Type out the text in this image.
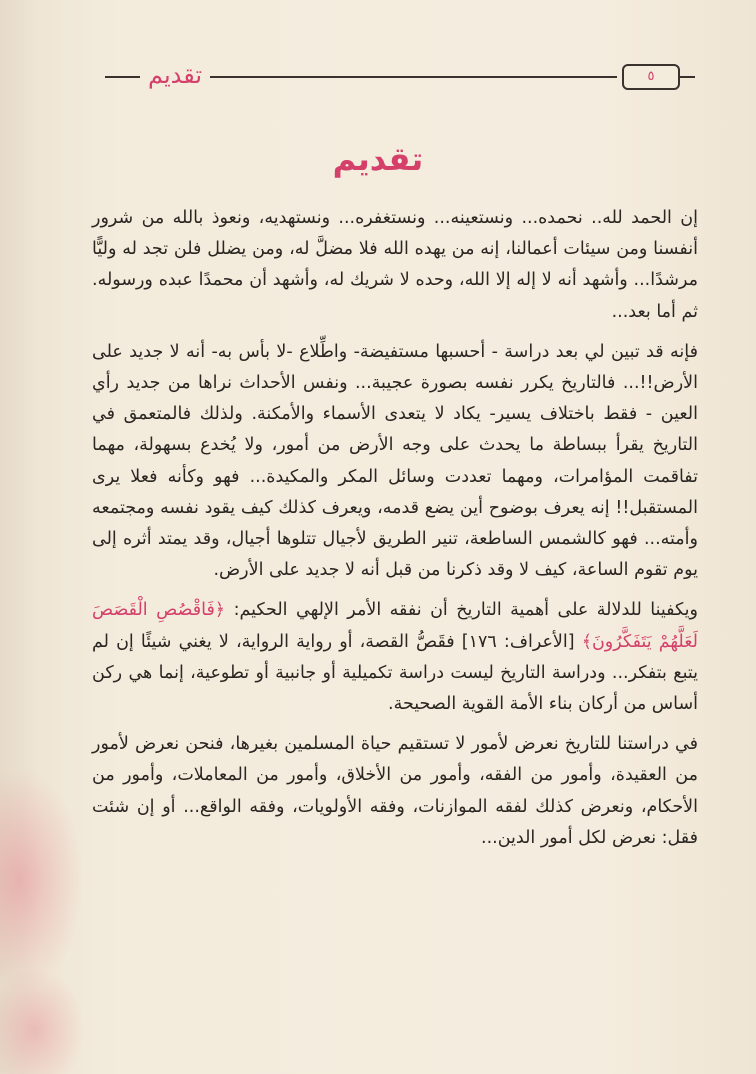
تقديم	٥
تقديم

إن الحمد لله.. نحمده... ونستعينه... ونستغفره... ونستهديه، ونعوذ بالله من شرور أنفسنا ومن سيئات أعمالنا، إنه من يهده الله فلا مضلَّ له، ومن يضلل فلن تجد له وليًّا مرشدًا... وأشهد أنه لا إله إلا الله، وحده لا شريك له، وأشهد أن محمدًا عبده ورسوله. ثم أما بعد...

فإنه قد تبين لي بعد دراسة - أحسبها مستفيضة- واطِّلاع -لا بأس به- أنه لا جديد على الأرض!!... فالتاريخ يكرر نفسه بصورة عجيبة... ونفس الأحداث نراها من جديد رأي العين - فقط باختلاف يسير- يكاد لا يتعدى الأسماء والأمكنة. ولذلك فالمتعمق في التاريخ يقرأ ببساطة ما يحدث على وجه الأرض من أمور، ولا يُخدع بسهولة، مهما تفاقمت المؤامرات، ومهما تعددت وسائل المكر والمكيدة... فهو وكأنه فعلا يرى المستقبل!! إنه يعرف بوضوح أين يضع قدمه، ويعرف كذلك كيف يقود نفسه ومجتمعه وأمته... فهو كالشمس الساطعة، تنير الطريق لأجيال تتلوها أجيال، وقد يمتد أثره إلى يوم تقوم الساعة، كيف لا وقد ذكرنا من قبل أنه لا جديد على الأرض.

ويكفينا للدلالة على أهمية التاريخ أن نفقه الأمر الإلهي الحكيم: ﴿فَاقْصُصِ الْقَصَصَ لَعَلَّهُمْ يَتَفَكَّرُونَ﴾ [الأعراف: ١٧٦] فقَصُّ القصة، أو رواية الرواية، لا يغني شيئًا إن لم يتبع بتفكر... ودراسة التاريخ ليست دراسة تكميلية أو جانبية أو تطوعية، إنما هي ركن أساس من أركان بناء الأمة القوية الصحيحة.

في دراستنا للتاريخ نعرض لأمور لا تستقيم حياة المسلمين بغيرها، فنحن نعرض لأمور من العقيدة، وأمور من الفقه، وأمور من الأخلاق، وأمور من المعاملات، وأمور من الأحكام، ونعرض كذلك لفقه الموازنات، وفقه الأولويات، وفقه الواقع... أو إن شئت فقل: نعرض لكل أمور الدين...
